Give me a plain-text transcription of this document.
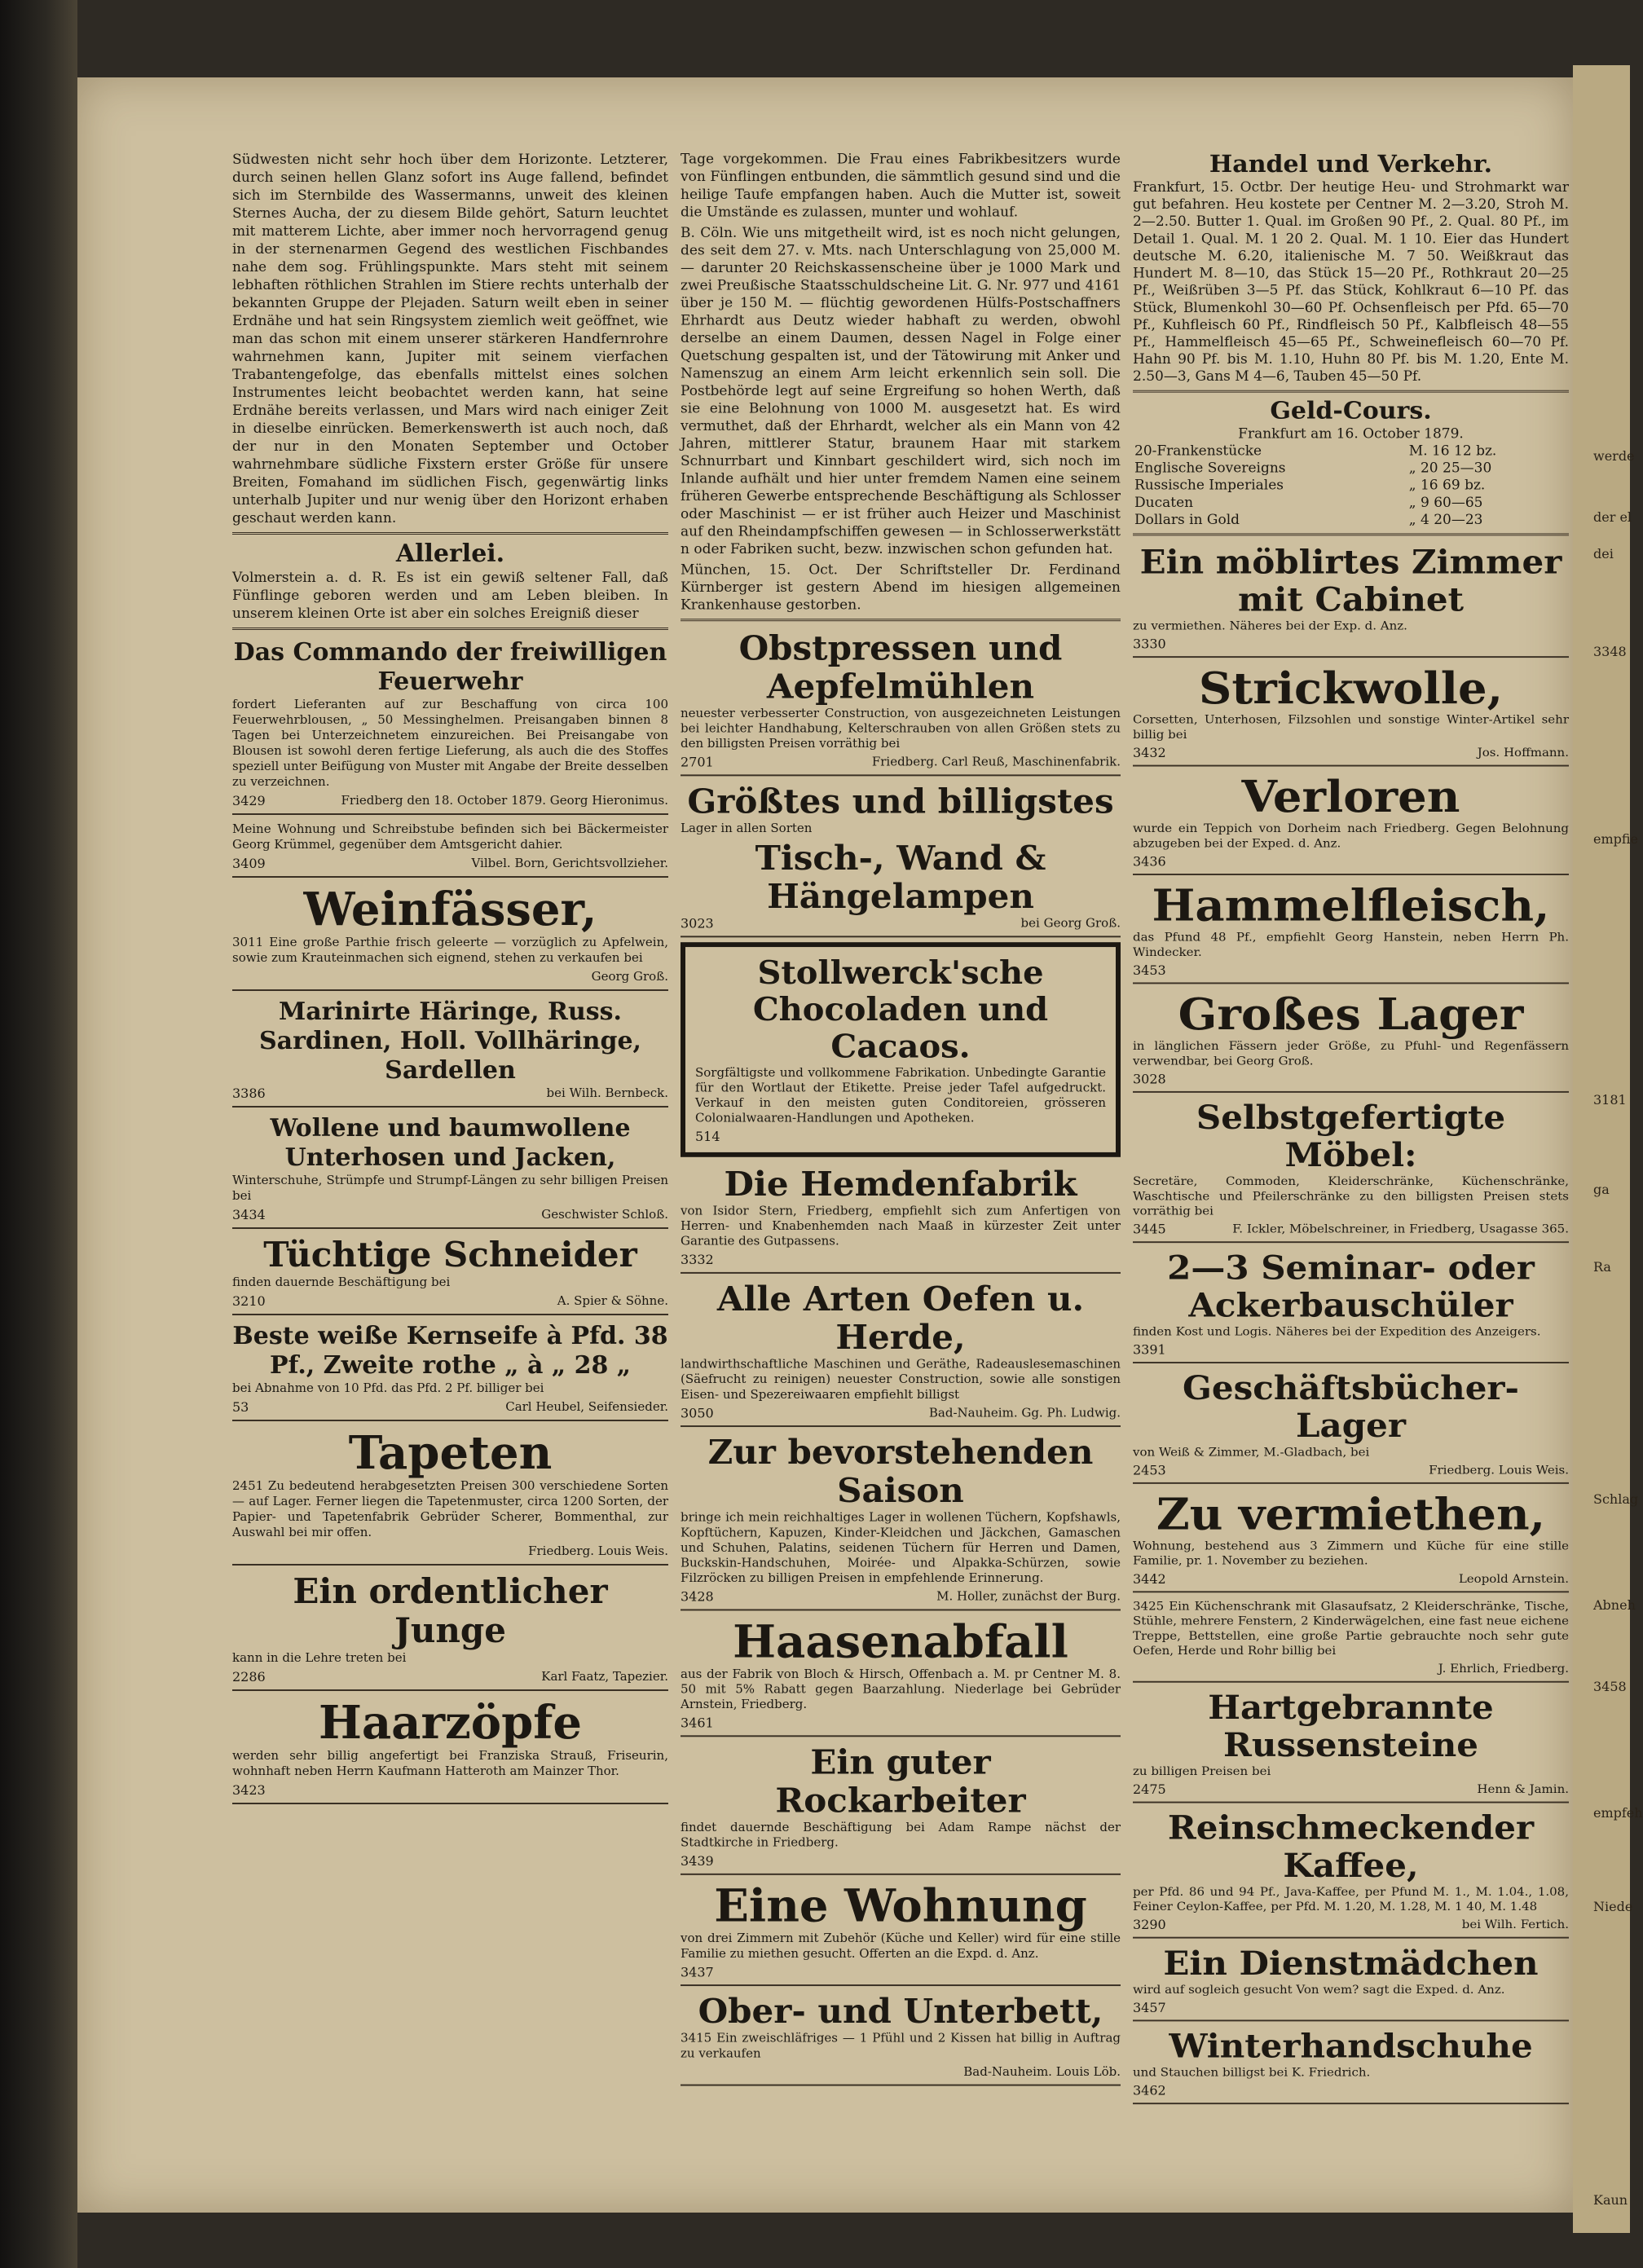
Südwesten nicht sehr hoch über dem Horizonte. Letzterer, durch seinen hellen Glanz sofort ins Auge fallend, befindet sich im Sternbilde des Wassermanns, unweit des kleinen Sternes Aucha, der zu diesem Bilde gehört, Saturn leuchtet mit matterem Lichte, aber immer noch hervorragend genug in der sternenarmen Gegend des westlichen Fischbandes nahe dem sog. Frühlingspunkte. Mars steht mit seinem lebhaften röthlichen Strahlen im Stiere rechts unterhalb der bekannten Gruppe der Plejaden. Saturn weilt eben in seiner Erdnähe und hat sein Ringsystem ziemlich weit geöffnet, wie man das schon mit einem unserer stärkeren Handfernrohre wahrnehmen kann, Jupiter mit seinem vierfachen Trabantengefolge, das ebenfalls mittelst eines solchen Instrumentes leicht beobachtet werden kann, hat seine Erdnähe bereits verlassen, und Mars wird nach einiger Zeit in dieselbe einrücken. Bemerkenswerth ist auch noch, daß der nur in den Monaten September und October wahrnehmbare südliche Fixstern erster Größe für unsere Breiten, Fomahand im südlichen Fisch, gegenwärtig links unterhalb Jupiter und nur wenig über den Horizont erhaben geschaut werden kann.

Allerlei.

Volmerstein a. d. R. Es ist ein gewiß seltener Fall, daß Fünflinge geboren werden und am Leben bleiben. In unserem kleinen Orte ist aber ein solches Ereigniß dieser

Das Commando der freiwilligen Feuerwehr

fordert Lieferanten auf zur Beschaffung von circa 100 Feuerwehrblousen, „ 50 Messinghelmen. Preisangaben binnen 8 Tagen bei Unterzeichnetem einzureichen. Bei Preisangabe von Blousen ist sowohl deren fertige Lieferung, als auch die des Stoffes speziell unter Beifügung von Muster mit Angabe der Breite desselben zu verzeichnen.

3429	Friedberg den 18. October 1879. Georg Hieronimus.

Meine Wohnung und Schreibstube befinden sich bei Bäckermeister Georg Krümmel, gegenüber dem Amtsgericht dahier.

3409	Vilbel. Born, Gerichtsvollzieher.
Weinfässer,

3011 Eine große Parthie frisch geleerte — vorzüglich zu Apfelwein, sowie zum Krauteinmachen sich eignend, stehen zu verkaufen bei

Georg Groß.
Marinirte Häringe, Russ. Sardinen, Holl. Vollhäringe, Sardellen
3386	bei Wilh. Bernbeck.
Wollene und baumwollene Unterhosen und Jacken,

Winterschuhe, Strümpfe und Strumpf-Längen zu sehr billigen Preisen bei

3434	Geschwister Schloß.
Tüchtige Schneider

finden dauernde Beschäftigung bei

3210	A. Spier & Söhne.
Beste weiße Kernseife à Pfd. 38 Pf., Zweite rothe „ à „ 28 „

bei Abnahme von 10 Pfd. das Pfd. 2 Pf. billiger bei

53	Carl Heubel, Seifensieder.
Tapeten

2451 Zu bedeutend herabgesetzten Preisen 300 verschiedene Sorten — auf Lager. Ferner liegen die Tapetenmuster, circa 1200 Sorten, der Papier- und Tapetenfabrik Gebrüder Scherer, Bommenthal, zur Auswahl bei mir offen.

Friedberg. Louis Weis.
Ein ordentlicher Junge

kann in die Lehre treten bei

2286	Karl Faatz, Tapezier.
Haarzöpfe

werden sehr billig angefertigt bei Franziska Strauß, Friseurin, wohnhaft neben Herrn Kaufmann Hatteroth am Mainzer Thor.

3423

Tage vorgekommen. Die Frau eines Fabrikbesitzers wurde von Fünflingen entbunden, die sämmtlich gesund sind und die heilige Taufe empfangen haben. Auch die Mutter ist, soweit die Umstände es zulassen, munter und wohlauf.

B. Cöln. Wie uns mitgetheilt wird, ist es noch nicht gelungen, des seit dem 27. v. Mts. nach Unterschlagung von 25,000 M. — darunter 20 Reichskassenscheine über je 1000 Mark und zwei Preußische Staatsschuldscheine Lit. G. Nr. 977 und 4161 über je 150 M. — flüchtig gewordenen Hülfs-Postschaffners Ehrhardt aus Deutz wieder habhaft zu werden, obwohl derselbe an einem Daumen, dessen Nagel in Folge einer Quetschung gespalten ist, und der Tätowirung mit Anker und Namenszug an einem Arm leicht erkennlich sein soll. Die Postbehörde legt auf seine Ergreifung so hohen Werth, daß sie eine Belohnung von 1000 M. ausgesetzt hat. Es wird vermuthet, daß der Ehrhardt, welcher als ein Mann von 42 Jahren, mittlerer Statur, braunem Haar mit starkem Schnurrbart und Kinnbart geschildert wird, sich noch im Inlande aufhält und hier unter fremdem Namen eine seinem früheren Gewerbe entsprechende Beschäftigung als Schlosser oder Maschinist — er ist früher auch Heizer und Maschinist auf den Rheindampfschiffen gewesen — in Schlosserwerkstätt n oder Fabriken sucht, bezw. inzwischen schon gefunden hat.

München, 15. Oct. Der Schriftsteller Dr. Ferdinand Kürnberger ist gestern Abend im hiesigen allgemeinen Krankenhause gestorben.

Obstpressen und Aepfelmühlen

neuester verbesserter Construction, von ausgezeichneten Leistungen bei leichter Handhabung, Kelterschrauben von allen Größen stets zu den billigsten Preisen vorräthig bei

2701	Friedberg. Carl Reuß, Maschinenfabrik.
Größtes und billigstes

Lager in allen Sorten

Tisch-, Wand & Hängelampen
3023	bei Georg Groß.
Stollwerck'sche Chocoladen und Cacaos.

Sorgfältigste und vollkommene Fabrikation. Unbedingte Garantie für den Wortlaut der Etikette. Preise jeder Tafel aufgedruckt. Verkauf in den meisten guten Conditoreien, grösseren Colonialwaaren-Handlungen und Apotheken.

514
Die Hemdenfabrik

von Isidor Stern, Friedberg, empfiehlt sich zum Anfertigen von Herren- und Knabenhemden nach Maaß in kürzester Zeit unter Garantie des Gutpassens.

3332
Alle Arten Oefen u. Herde,

landwirthschaftliche Maschinen und Geräthe, Radeauslesemaschinen (Säefrucht zu reinigen) neuester Construction, sowie alle sonstigen Eisen- und Spezereiwaaren empfiehlt billigst

3050	Bad-Nauheim. Gg. Ph. Ludwig.
Zur bevorstehenden Saison

bringe ich mein reichhaltiges Lager in wollenen Tüchern, Kopfshawls, Kopftüchern, Kapuzen, Kinder-Kleidchen und Jäckchen, Gamaschen und Schuhen, Palatins, seidenen Tüchern für Herren und Damen, Buckskin-Handschuhen, Moirée- und Alpakka-Schürzen, sowie Filzröcken zu billigen Preisen in empfehlende Erinnerung.

3428	M. Holler, zunächst der Burg.
Haasenabfall

aus der Fabrik von Bloch & Hirsch, Offenbach a. M. pr Centner M. 8. 50 mit 5% Rabatt gegen Baarzahlung. Niederlage bei Gebrüder Arnstein, Friedberg.

3461
Ein guter Rockarbeiter

findet dauernde Beschäftigung bei Adam Rampe nächst der Stadtkirche in Friedberg.

3439
Eine Wohnung

von drei Zimmern mit Zubehör (Küche und Keller) wird für eine stille Familie zu miethen gesucht. Offerten an die Expd. d. Anz.

3437
Ober- und Unterbett,

3415 Ein zweischläfriges — 1 Pfühl und 2 Kissen hat billig in Auftrag zu verkaufen

Bad-Nauheim. Louis Löb.
Handel und Verkehr.

Frankfurt, 15. Octbr. Der heutige Heu- und Strohmarkt war gut befahren. Heu kostete per Centner M. 2—3.20, Stroh M. 2—2.50. Butter 1. Qual. im Großen 90 Pf., 2. Qual. 80 Pf., im Detail 1. Qual. M. 1 20 2. Qual. M. 1 10. Eier das Hundert deutsche M. 6.20, italienische M. 7 50. Weißkraut das Hundert M. 8—10, das Stück 15—20 Pf., Rothkraut 20—25 Pf., Weißrüben 3—5 Pf. das Stück, Kohlkraut 6—10 Pf. das Stück, Blumenkohl 30—60 Pf. Ochsenfleisch per Pfd. 65—70 Pf., Kuhfleisch 60 Pf., Rindfleisch 50 Pf., Kalbfleisch 48—55 Pf., Hammelfleisch 45—65 Pf., Schweinefleisch 60—70 Pf. Hahn 90 Pf. bis M. 1.10, Huhn 80 Pf. bis M. 1.20, Ente M. 2.50—3, Gans M 4—6, Tauben 45—50 Pf.

Geld-Cours.
Frankfurt am 16. October 1879.
20-Frankenstücke	M. 16 12 bz.
Englische Sovereigns	„ 20 25—30
Russische Imperiales	„ 16 69 bz.
Ducaten	„ 9 60—65
Dollars in Gold	„ 4 20—23
Ein möblirtes Zimmer mit Cabinet

zu vermiethen. Näheres bei der Exp. d. Anz.

3330
Strickwolle,

Corsetten, Unterhosen, Filzsohlen und sonstige Winter-Artikel sehr billig bei

3432	Jos. Hoffmann.
Verloren

wurde ein Teppich von Dorheim nach Friedberg. Gegen Belohnung abzugeben bei der Exped. d. Anz.

3436
Hammelfleisch,

das Pfund 48 Pf., empfiehlt Georg Hanstein, neben Herrn Ph. Windecker.

3453
Großes Lager

in länglichen Fässern jeder Größe, zu Pfuhl- und Regenfässern verwendbar, bei Georg Groß.

3028
Selbstgefertigte Möbel:

Secretäre, Commoden, Kleiderschränke, Küchenschränke, Waschtische und Pfeilerschränke zu den billigsten Preisen stets vorräthig bei

3445	F. Ickler, Möbelschreiner, in Friedberg, Usagasse 365.
2—3 Seminar- oder Ackerbauschüler

finden Kost und Logis. Näheres bei der Expedition des Anzeigers.

3391
Geschäftsbücher-Lager

von Weiß & Zimmer, M.-Gladbach, bei

2453	Friedberg. Louis Weis.
Zu vermiethen,

Wohnung, bestehend aus 3 Zimmern und Küche für eine stille Familie, pr. 1. November zu beziehen.

3442	Leopold Arnstein.

3425 Ein Küchenschrank mit Glasaufsatz, 2 Kleiderschränke, Tische, Stühle, mehrere Fenstern, 2 Kinderwägelchen, eine fast neue eichene Treppe, Bettstellen, eine große Partie gebrauchte noch sehr gute Oefen, Herde und Rohr billig bei

J. Ehrlich, Friedberg.
Hartgebrannte Russensteine

zu billigen Preisen bei

2475	Henn & Jamin.
Reinschmeckender Kaffee,

per Pfd. 86 und 94 Pf., Java-Kaffee, per Pfund M. 1., M. 1.04., 1.08, Feiner Ceylon-Kaffee, per Pfd. M. 1.20, M. 1.28, M. 1 40, M. 1.48

3290	bei Wilh. Fertich.
Ein Dienstmädchen

wird auf sogleich gesucht Von wem? sagt die Exped. d. Anz.

3457
Winterhandschuhe

und Stauchen billigst bei K. Friedrich.

3462
3348
werde
der el
dei
empfie
3181
ga
Ra
Schlag
Abneh
3458
empfeh
Niede
Kaun
